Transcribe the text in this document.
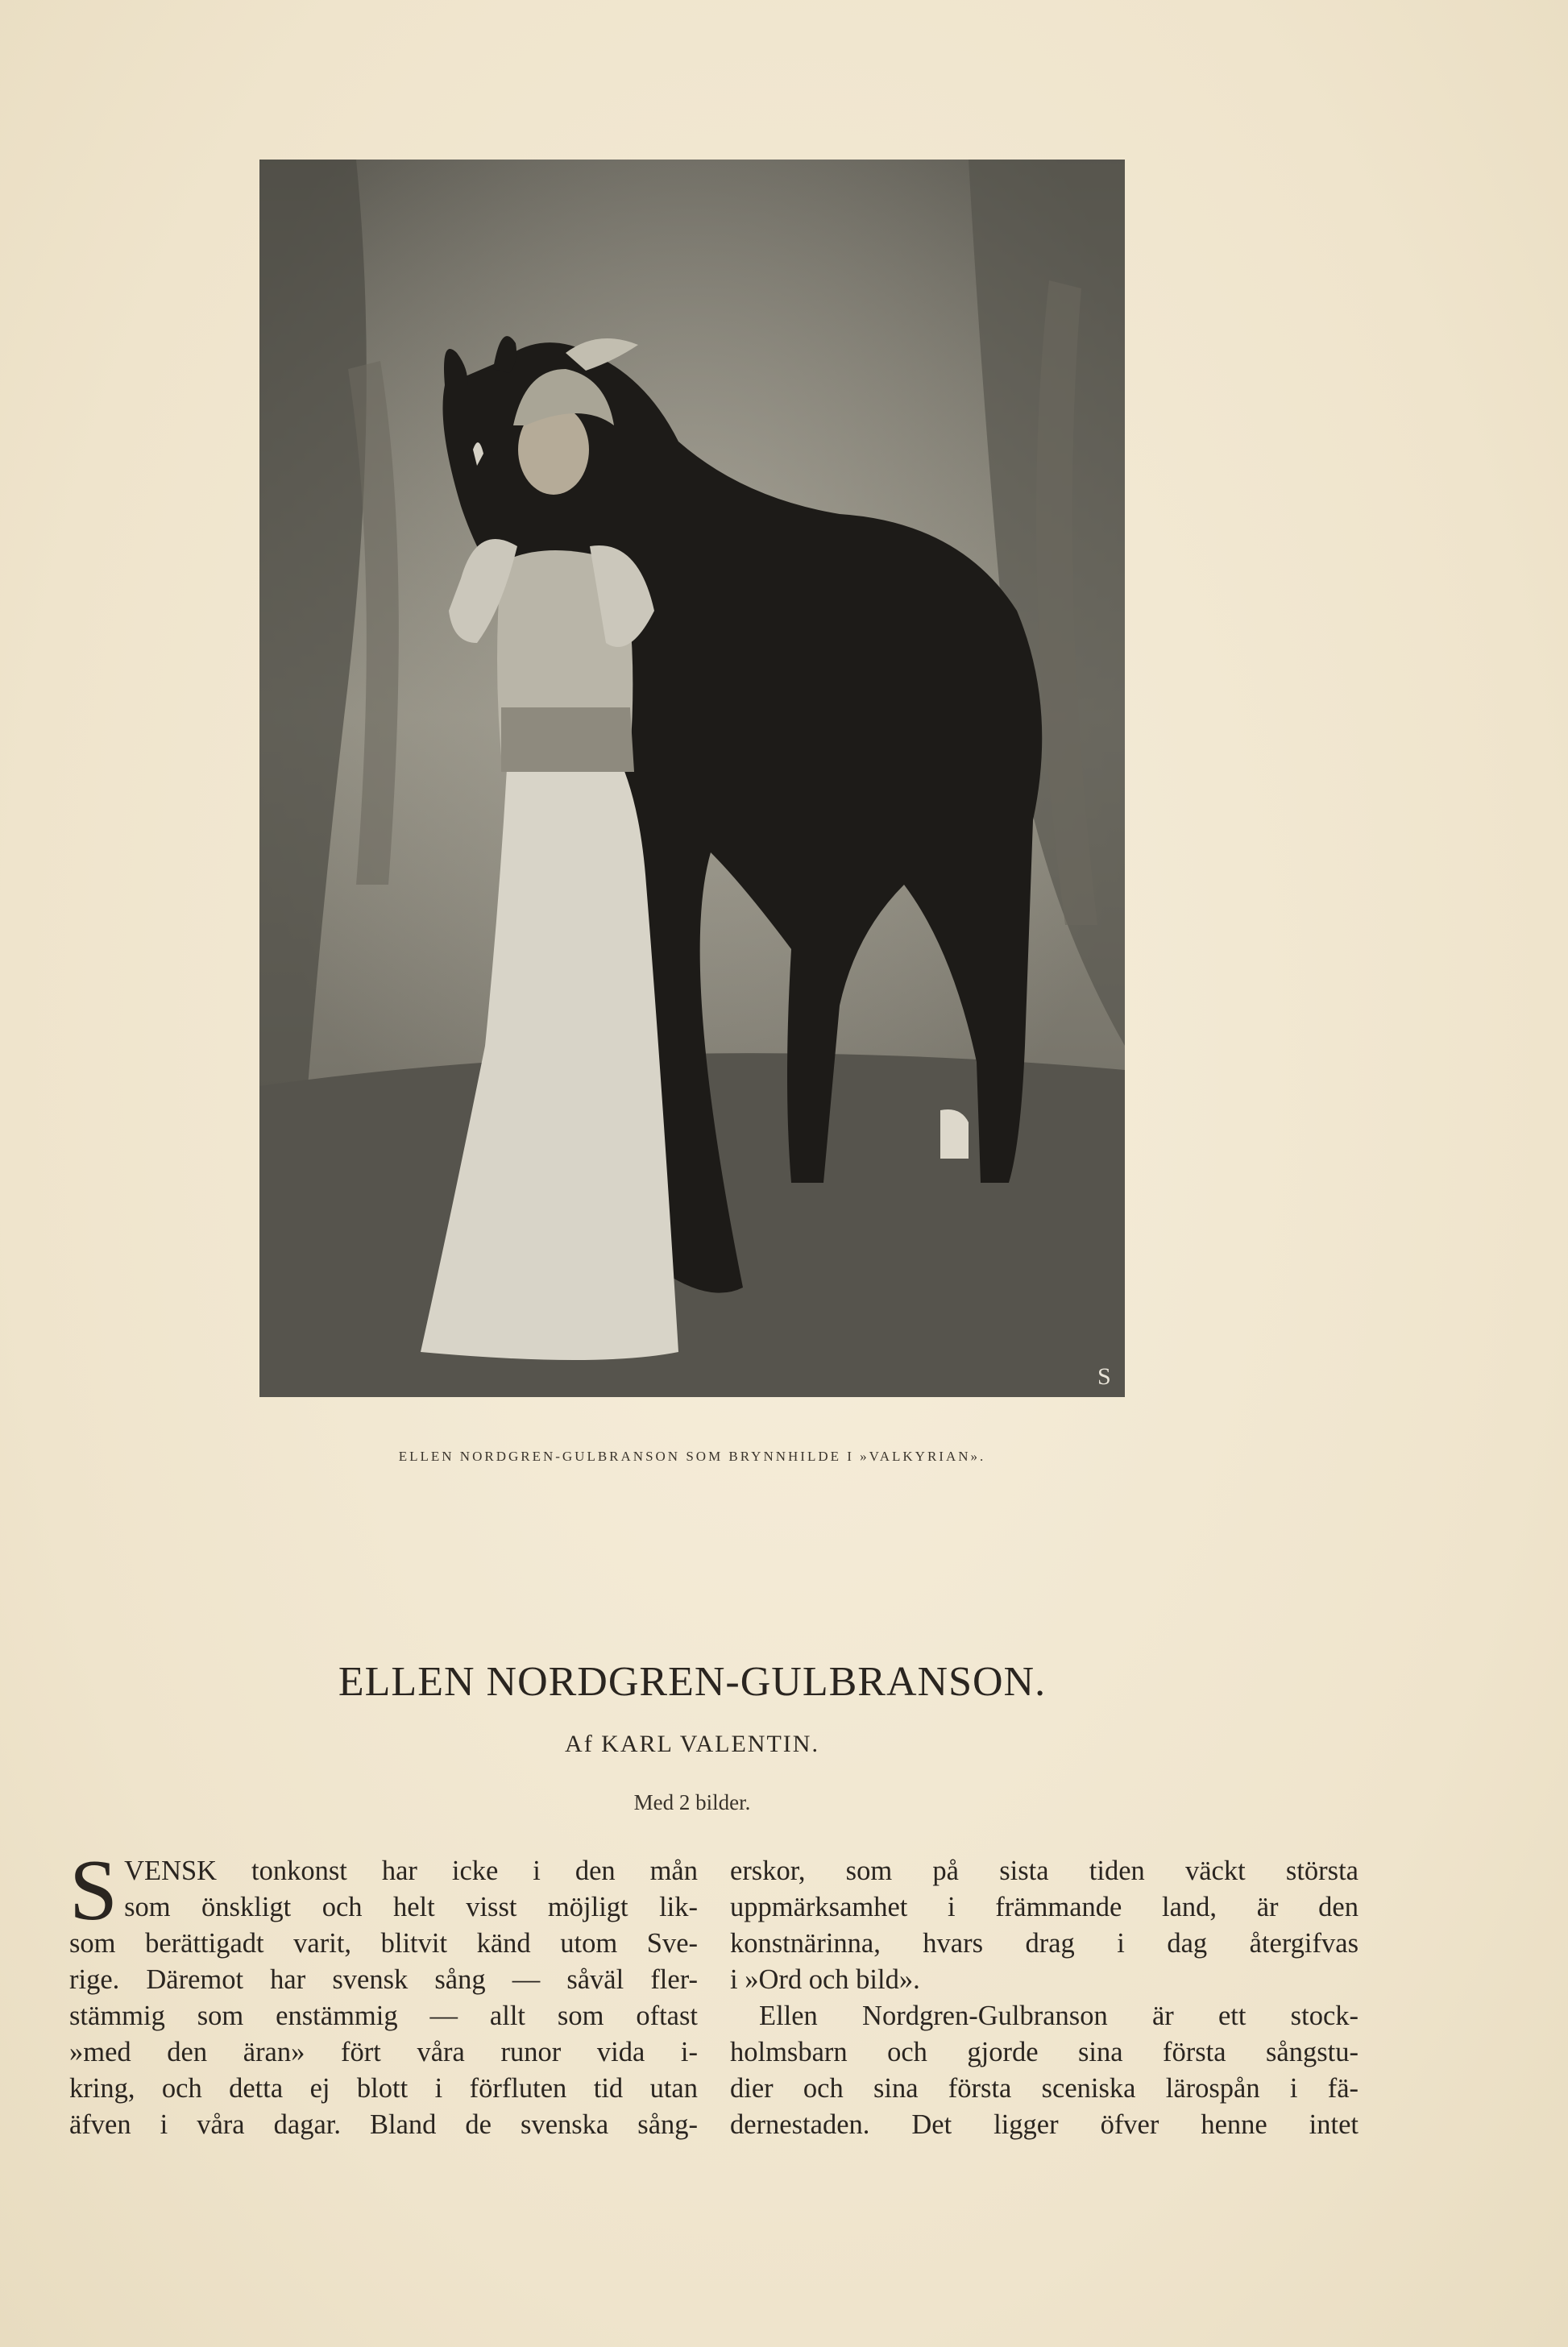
S
ELLEN NORDGREN-GULBRANSON SOM BRYNNHILDE I »VALKYRIAN».
ELLEN NORDGREN-GULBRANSON.
Af KARL VALENTIN.
Med 2 bilder.
S VENSK tonkonst har icke i den mån
som önskligt och helt visst möjligt lik-
som berättigadt varit, blitvit känd utom Sve-
rige. Däremot har svensk sång — såväl fler-
stämmig som enstämmig — allt som oftast
»med den äran» fört våra runor vida i-
kring, och detta ej blott i förfluten tid utan
äfven i våra dagar. Bland de svenska sång-
erskor, som på sista tiden väckt största
uppmärksamhet i främmande land, är den
konstnärinna, hvars drag i dag återgifvas
i »Ord och bild».
Ellen Nordgren-Gulbranson är ett stock-
holmsbarn och gjorde sina första sångstu-
dier och sina första sceniska lärospån i fä-
dernestaden. Det ligger öfver henne intet
